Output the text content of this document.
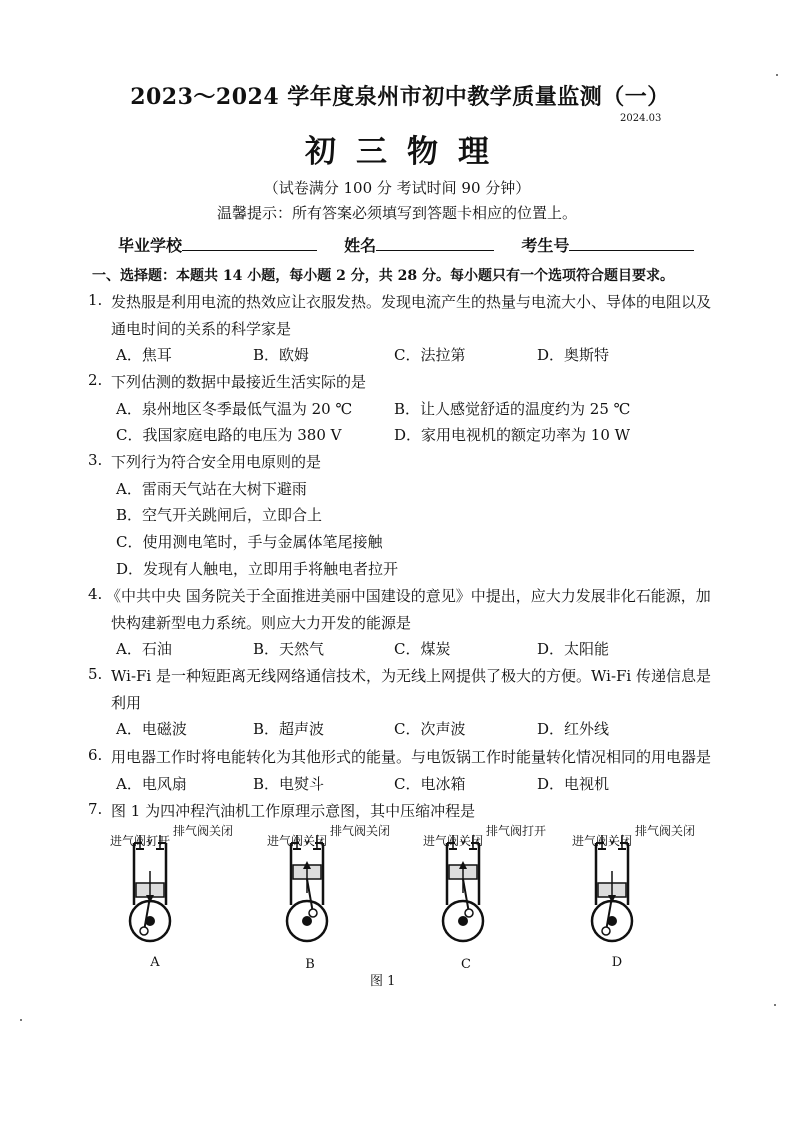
2023～2024 学年度泉州市初中教学质量监测（一）
2024.03
初三物理
（试卷满分 100 分 考试时间 90 分钟）
温馨提示：所有答案必须填写到答题卡相应的位置上。
毕业学校	姓名	考生号
一、选择题：本题共 14 小题，每小题 2 分，共 28 分。每小题只有一个选项符合题目要求。
1. 发热服是利用电流的热效应让衣服发热。发现电流产生的热量与电流大小、导体的电阻以及
通电时间的关系的科学家是
A．焦耳	B．欧姆	C．法拉第	D．奥斯特
2. 下列估测的数据中最接近生活实际的是
A．泉州地区冬季最低气温为 20 ℃	B．让人感觉舒适的温度约为 25 ℃
C．我国家庭电路的电压为 380 V	D．家用电视机的额定功率为 10 W
3. 下列行为符合安全用电原则的是
A．雷雨天气站在大树下避雨
B．空气开关跳闸后，立即合上
C．使用测电笔时，手与金属体笔尾接触
D．发现有人触电，立即用手将触电者拉开
4. 《中共中央 国务院关于全面推进美丽中国建设的意见》中提出，应大力发展非化石能源，加
快构建新型电力系统。则应大力开发的能源是
A．石油	B．天然气	C．煤炭	D．太阳能
5. Wi-Fi 是一种短距离无线网络通信技术，为无线上网提供了极大的方便。Wi-Fi 传递信息是
利用
A．电磁波	B．超声波	C．次声波	D．红外线
6. 用电器工作时将电能转化为其他形式的能量。与电饭锅工作时能量转化情况相同的用电器是
A．电风扇	B．电熨斗	C．电冰箱	D．电视机
7. 图 1 为四冲程汽油机工作原理示意图，其中压缩冲程是
进气阀打开
排气阀关闭
A
进气阀关闭
排气阀关闭
B
进气阀关闭
排气阀打开
C
进气阀关闭
排气阀关闭
D
图 1
